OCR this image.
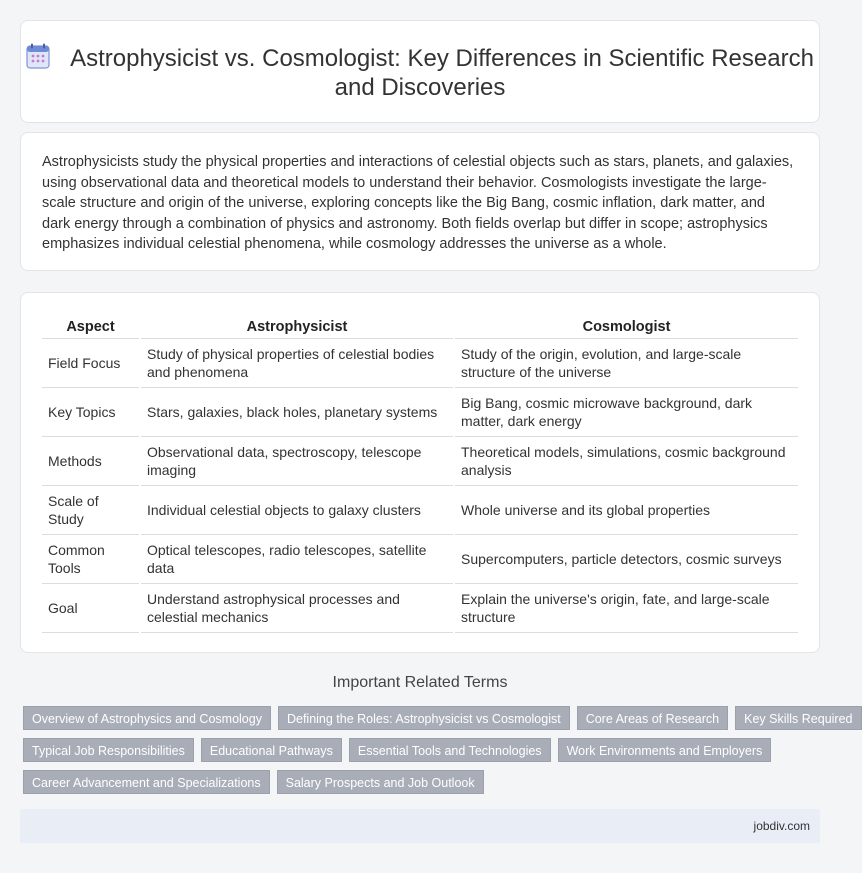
Astrophysicist vs. Cosmologist: Key Differences in Scientific Research and Discoveries

Astrophysicists study the physical properties and interactions of celestial objects such as stars, planets, and galaxies, using observational data and theoretical models to understand their behavior. Cosmologists investigate the large-scale structure and origin of the universe, exploring concepts like the Big Bang, cosmic inflation, dark matter, and dark energy through a combination of physics and astronomy. Both fields overlap but differ in scope; astrophysics emphasizes individual celestial phenomena, while cosmology addresses the universe as a whole.

Aspect	Astrophysicist	Cosmologist
Field Focus	Study of physical properties of celestial bodies and phenomena	Study of the origin, evolution, and large-scale structure of the universe
Key Topics	Stars, galaxies, black holes, planetary systems	Big Bang, cosmic microwave background, dark matter, dark energy
Methods	Observational data, spectroscopy, telescope imaging	Theoretical models, simulations, cosmic background analysis
Scale of Study	Individual celestial objects to galaxy clusters	Whole universe and its global properties
Common Tools	Optical telescopes, radio telescopes, satellite data	Supercomputers, particle detectors, cosmic surveys
Goal	Understand astrophysical processes and celestial mechanics	Explain the universe's origin, fate, and large-scale structure
Important Related Terms
Overview of Astrophysics and Cosmology	Defining the Roles: Astrophysicist vs Cosmologist	Core Areas of Research	Key Skills Required
Typical Job Responsibilities	Educational Pathways	Essential Tools and Technologies	Work Environments and Employers
Career Advancement and Specializations	Salary Prospects and Job Outlook
jobdiv.com
